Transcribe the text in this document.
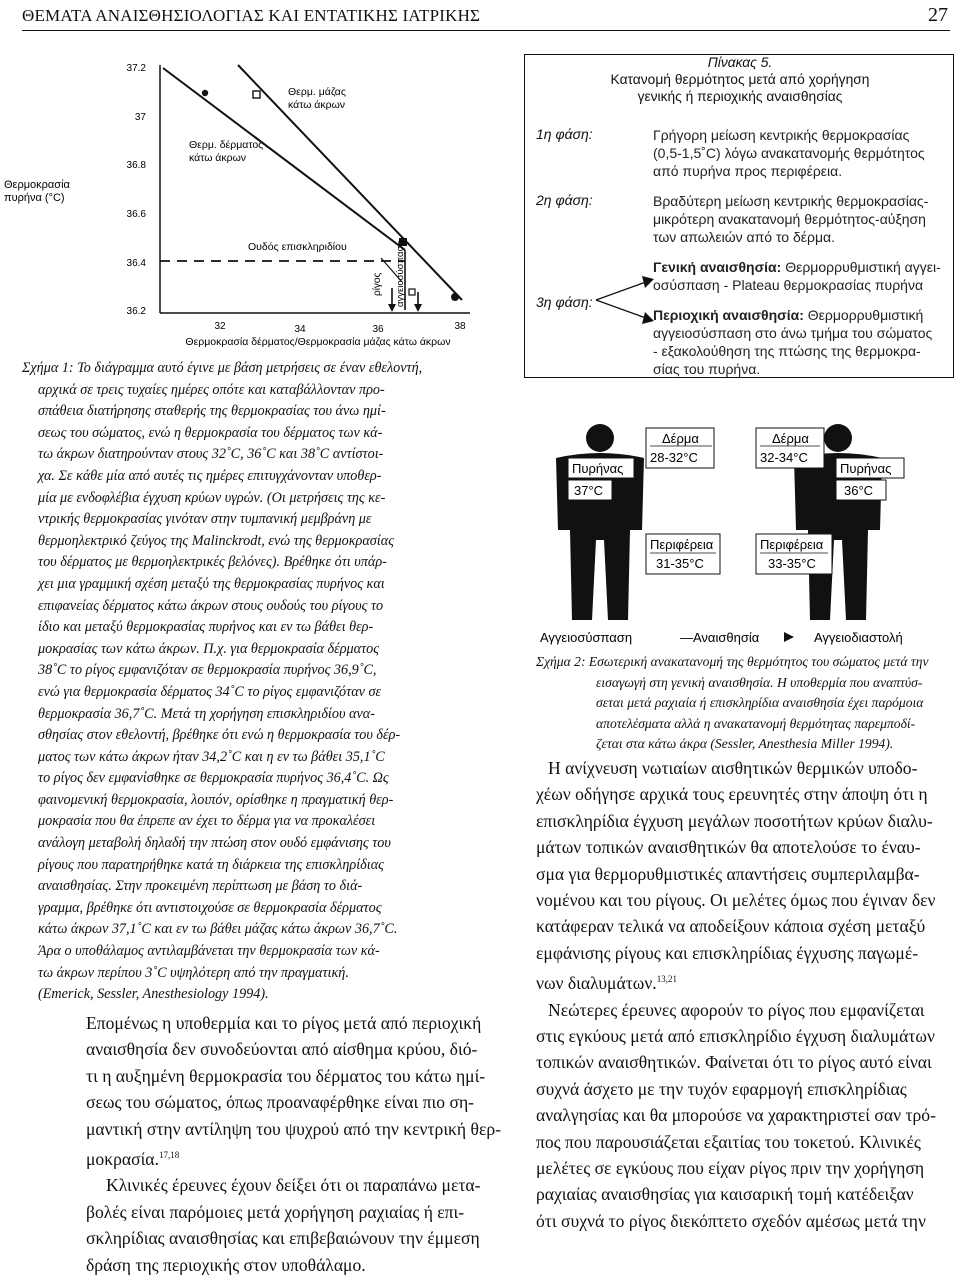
ΘΕΜΑΤΑ ΑΝΑΙΣΘΗΣΙΟΛΟΓΙΑΣ ΚΑΙ ΕΝΤΑΤΙΚΗΣ ΙΑΤΡΙΚΗΣ	27
Θερμοκρασία
πυρήνα (°C)
37.2
37
36.8
36.6
36.4
36.2
32	34	36	38
Θερμοκρασία δέρματος/Θερμοκρασία μάζας κάτω άκρων
ρίγος αγγειοσύσπαση
Θερμ. δέρματος
κάτω άκρων
Θερμ. μάζας
κάτω άκρων
Ουδός επισκληριδίου

Σχήμα 1: Το διάγραμμα αυτό έγινε με βάση μετρήσεις σε έναν εθελοντή,

αρχικά σε τρεις τυχαίες ημέρες οπότε και καταβάλλονταν προ-

σπάθεια διατήρησης σταθερής της θερμοκρασίας του άνω ημί-

σεως του σώματος, ενώ η θερμοκρασία του δέρματος των κά-

τω άκρων διατηρούνταν στους 32˚C, 36˚C και 38˚C αντίστοι-

χα. Σε κάθε μία από αυτές τις ημέρες επιτυγχάνονταν υποθερ-

μία με ενδοφλέβια έγχυση κρύων υγρών. (Οι μετρήσεις της κε-

ντρικής θερμοκρασίας γινόταν στην τυμπανική μεμβράνη με

θερμοηλεκτρικό ζεύγος της Malinckrodt, ενώ της θερμοκρασίας

του δέρματος με θερμοηλεκτρικές βελόνες). Βρέθηκε ότι υπάρ-

χει μια γραμμική σχέση μεταξύ της θερμοκρασίας πυρήνος και

επιφανείας δέρματος κάτω άκρων στους ουδούς του ρίγους το

ίδιο και μεταξύ θερμοκρασίας πυρήνος και εν τω βάθει θερ-

μοκρασίας των κάτω άκρων. Π.χ. για θερμοκρασία δέρματος

38˚C το ρίγος εμφανιζόταν σε θερμοκρασία πυρήνος 36,9˚C,

ενώ για θερμοκρασία δέρματος 34˚C το ρίγος εμφανιζόταν σε

θερμοκρασία 36,7˚C. Μετά τη χορήγηση επισκληριδίου ανα-

σθησίας στον εθελοντή, βρέθηκε ότι ενώ η θερμοκρασία του δέρ-

ματος των κάτω άκρων ήταν 34,2˚C και η εν τω βάθει 35,1˚C

το ρίγος δεν εμφανίσθηκε σε θερμοκρασία πυρήνος 36,4˚C. Ως

φαινομενική θερμοκρασία, λοιπόν, ορίσθηκε η πραγματική θερ-

μοκρασία που θα έπρεπε αν έχει το δέρμα για να προκαλέσει

ανάλογη μεταβολή δηλαδή την πτώση στον ουδό εμφάνισης του

ρίγους που παρατηρήθηκε κατά τη διάρκεια της επισκληρίδιας

αναισθησίας. Στην προκειμένη περίπτωση με βάση το διά-

γραμμα, βρέθηκε ότι αντιστοιχούσε σε θερμοκρασία δέρματος

κάτω άκρων 37,1˚C και εν τω βάθει μάζας κάτω άκρων 36,7˚C.

Άρα ο υποθάλαμος αντιλαμβάνεται την θερμοκρασία των κά-

τω άκρων περίπου 3˚C υψηλότερη από την πραγματική.

(Emerick, Sessler, Anesthesiology 1994).

Επομένως η υποθερμία και το ρίγος μετά από περιοχική

αναισθησία δεν συνοδεύονται από αίσθημα κρύου, διό-

τι η αυξημένη θερμοκρασία του δέρματος του κάτω ημί-

σεως του σώματος, όπως προαναφέρθηκε είναι πιο ση-

μαντική στην αντίληψη του ψυχρού από την κεντρική θερ-

μοκρασία.$^{17,18}$

Κλινικές έρευνες έχουν δείξει ότι οι παραπάνω μετα-

βολές είναι παρόμοιες μετά χορήγηση ραχιαίας ή επι-

σκληρίδιας αναισθησίας και επιβεβαιώνουν την έμμεση

δράση της περιοχικής στον υποθάλαμο.

Πίνακας 5.
Κατανομή θερμότητος μετά από χορήγηση
γενικής ή περιοχικής αναισθησίας
1η φάση:	Γρήγορη μείωση κεντρικής θερμοκρασίας
(0,5-1,5˚C) λόγω ανακατανομής θερμότητος
από πυρήνα προς περιφέρεια.
2η φάση:	Βραδύτερη μείωση κεντρικής θερμοκρασίας-
μικρότερη ανακατανομή θερμότητος-αύξηση
των απωλειών από το δέρμα.
3η φάση:
Γενική αναισθησία: Θερμορρυθμιστική αγγει-
οσύσπαση - Plateau θερμοκρασίας πυρήνα
Περιοχική αναισθησία: Θερμορρυθμιστική
αγγειοσύσπαση στο άνω τμήμα του σώματος
- εξακολούθηση της πτώσης της θερμοκρα-
σίας του πυρήνα.
Πυρήνας
37°C
Δέρμα
28-32°C
Περιφέρεια
31-35°C
Δέρμα
32-34°C
Πυρήνας
36°C
Περιφέρεια
33-35°C
Αγγειοσύσπαση	—Αναισθησία	Αγγειοδιαστολή

Σχήμα 2: Εσωτερική ανακατανομή της θερμότητος του σώματος μετά την

εισαγωγή στη γενική αναισθησία. Η υποθερμία που αναπτύσ-

σεται μετά ραχιαία ή επισκληρίδια αναισθησία έχει παρόμοια

αποτελέσματα αλλά η ανακατανομή θερμότητας παρεμποδί-

ζεται στα κάτω άκρα (Sessler, Anesthesia Miller 1994).

Η ανίχνευση νωτιαίων αισθητικών θερμικών υποδο-

χέων οδήγησε αρχικά τους ερευνητές στην άποψη ότι η

επισκληρίδια έγχυση μεγάλων ποσοτήτων κρύων διαλυ-

μάτων τοπικών αναισθητικών θα αποτελούσε το έναυ-

σμα για θερμορυθμιστικές απαντήσεις συμπεριλαμβα-

νομένου και του ρίγους. Οι μελέτες όμως που έγιναν δεν

κατάφεραν τελικά να αποδείξουν κάποια σχέση μεταξύ

εμφάνισης ρίγους και επισκληρίδιας έγχυσης παγωμέ-

νων διαλυμάτων.$^{13,21}$

Νεώτερες έρευνες αφορούν το ρίγος που εμφανίζεται

στις εγκύους μετά από επισκληρίδιο έγχυση διαλυμάτων

τοπικών αναισθητικών. Φαίνεται ότι το ρίγος αυτό είναι

συχνά άσχετο με την τυχόν εφαρμογή επισκληρίδιας

αναλγησίας και θα μπορούσε να χαρακτηριστεί σαν τρό-

πος που παρουσιάζεται εξαιτίας του τοκετού. Κλινικές

μελέτες σε εγκύους που είχαν ρίγος πριν την χορήγηση

ραχιαίας αναισθησίας για καισαρική τομή κατέδειξαν

ότι συχνά το ρίγος διεκόπτετο σχεδόν αμέσως μετά την
